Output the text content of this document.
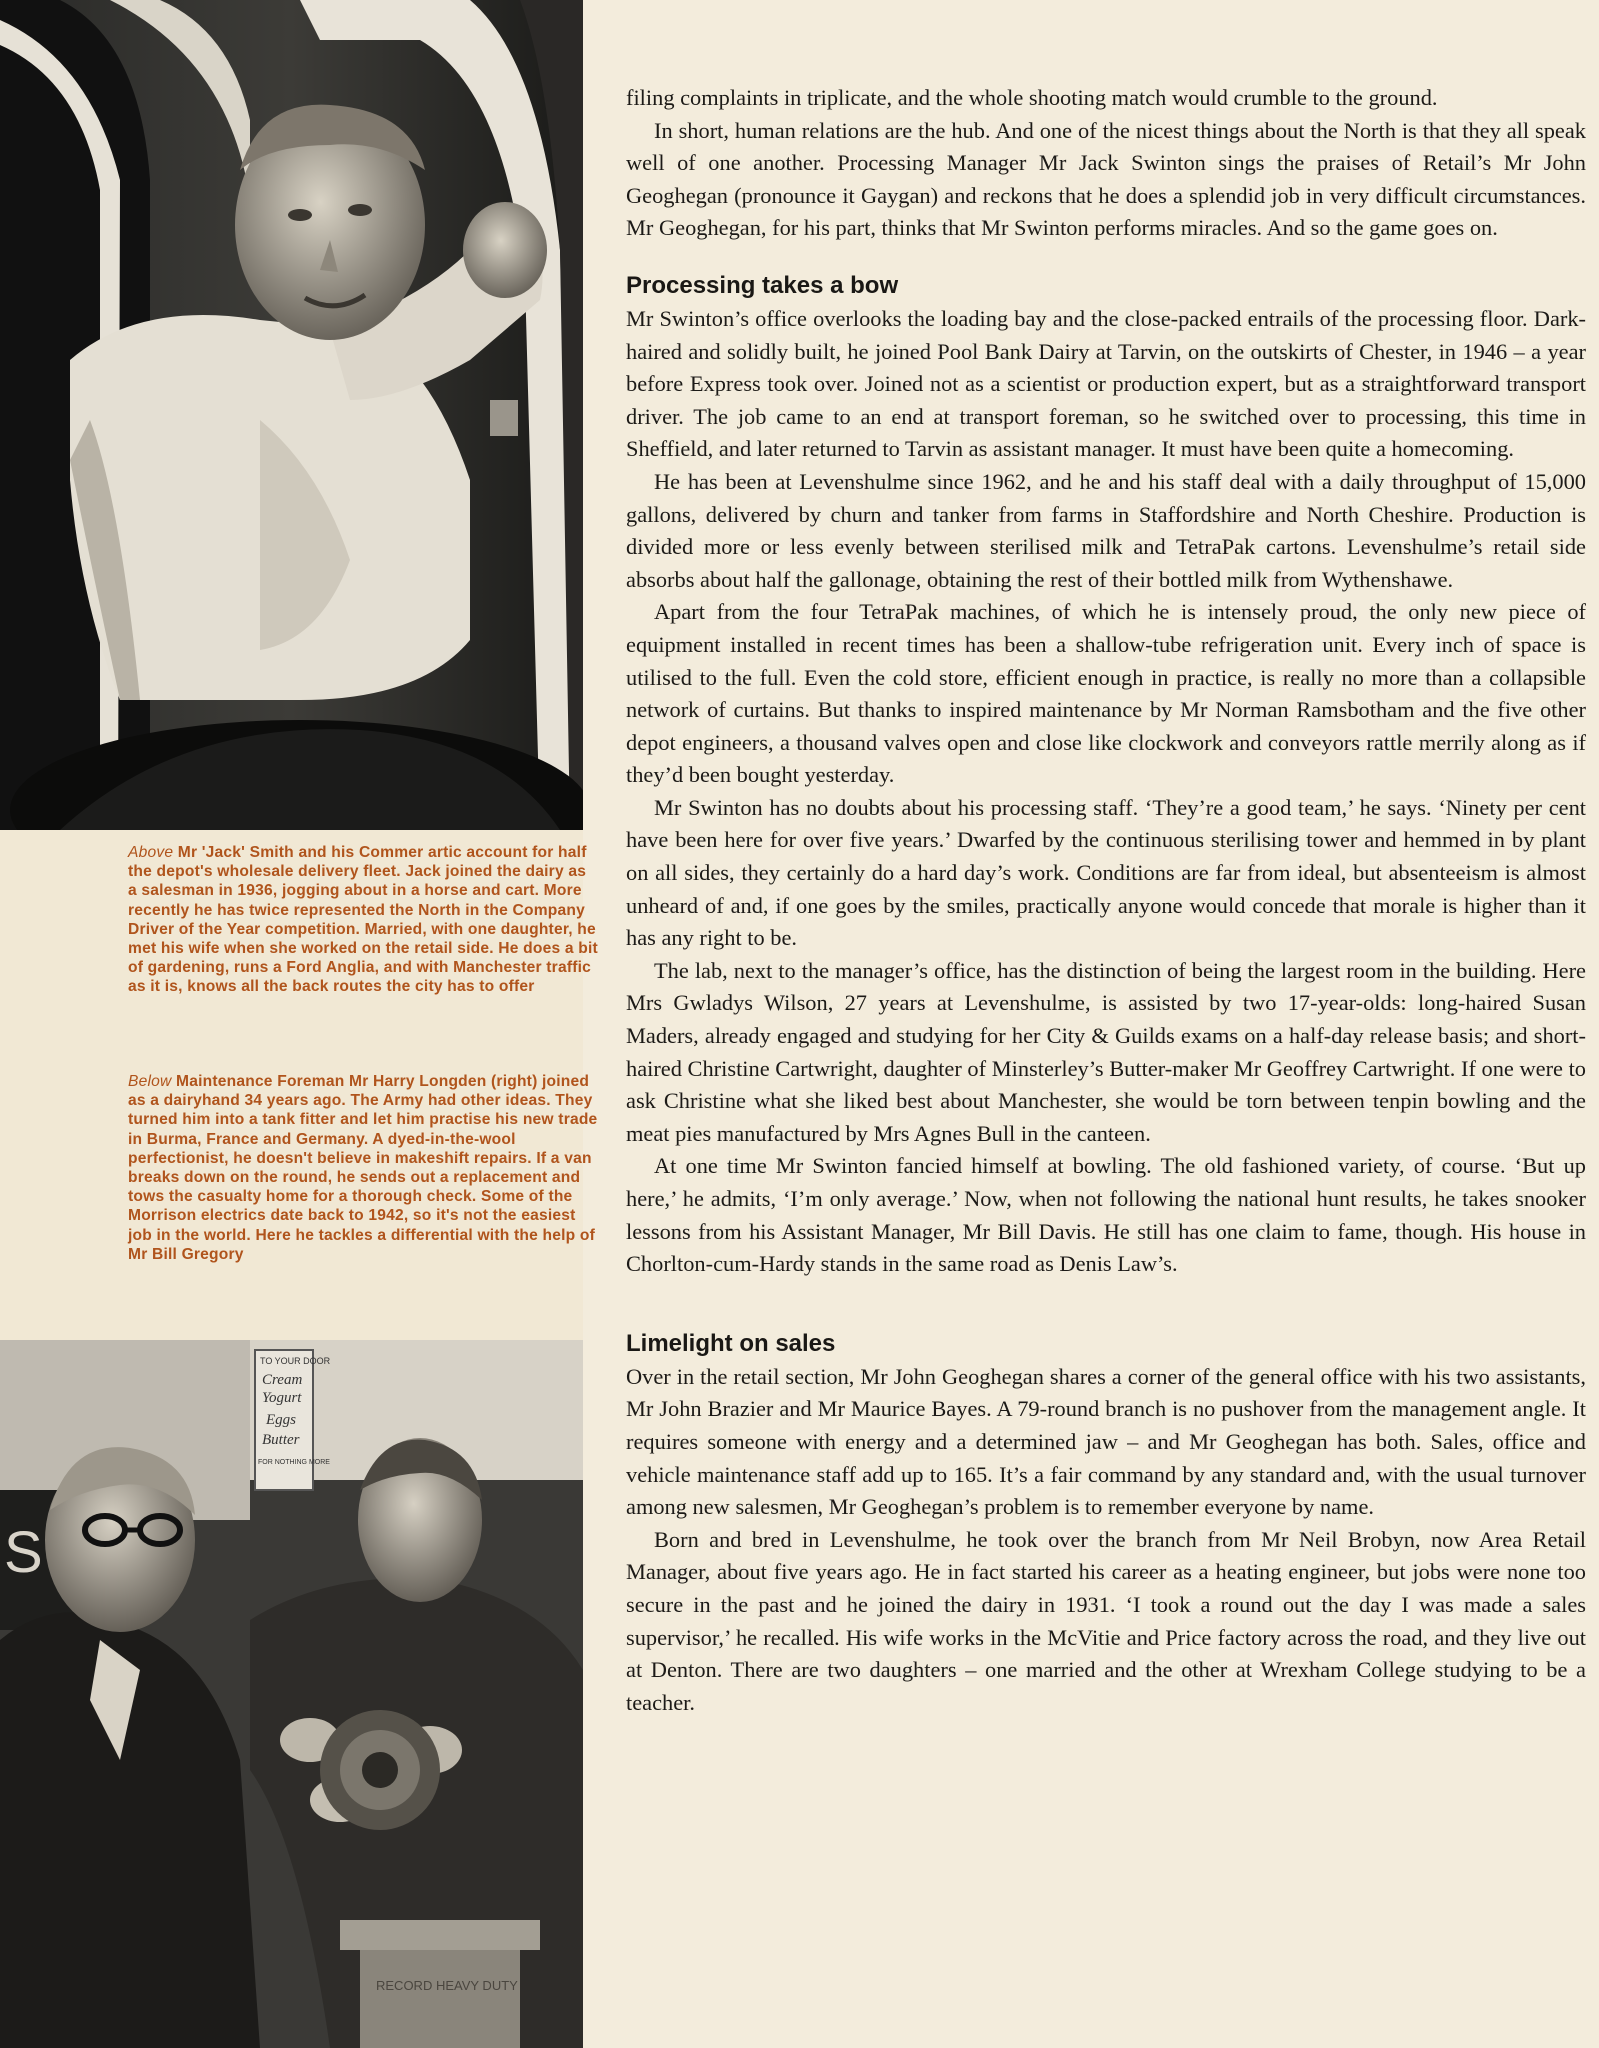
Above Mr 'Jack' Smith and his Commer artic account for half the depot's wholesale delivery fleet. Jack joined the dairy as a salesman in 1936, jogging about in a horse and cart. More recently he has twice represented the North in the Company Driver of the Year competition. Married, with one daughter, he met his wife when she worked on the retail side. He does a bit of gardening, runs a Ford Anglia, and with Manchester traffic as it is, knows all the back routes the city has to offer
Below Maintenance Foreman Mr Harry Longden (right) joined as a dairyhand 34 years ago. The Army had other ideas. They turned him into a tank fitter and let him practise his new trade in Burma, France and Germany. A dyed-in-the-wool perfectionist, he doesn't believe in makeshift repairs. If a van breaks down on the round, he sends out a replacement and tows the casualty home for a thorough check. Some of the Morrison electrics date back to 1942, so it's not the easiest job in the world. Here he tackles a differential with the help of Mr Bill Gregory
S
TO YOUR DOOR
Cream
Yogurt
Eggs
Butter
FOR NOTHING MORE
RECORD HEAVY DUTY

filing complaints in triplicate, and the whole shooting match would crumble to the ground.

In short, human relations are the hub. And one of the nicest things about the North is that they all speak well of one another. Processing Manager Mr Jack Swinton sings the praises of Retail’s Mr John Geoghegan (pronounce it Gaygan) and reckons that he does a splendid job in very difficult circumstances. Mr Geoghegan, for his part, thinks that Mr Swinton performs miracles. And so the game goes on.

Processing takes a bow

Mr Swinton’s office overlooks the loading bay and the close-packed entrails of the processing floor. Dark-haired and solidly built, he joined Pool Bank Dairy at Tarvin, on the outskirts of Chester, in 1946 – a year before Express took over. Joined not as a scientist or production expert, but as a straightforward transport driver. The job came to an end at transport foreman, so he switched over to processing, this time in Sheffield, and later returned to Tarvin as assistant manager. It must have been quite a homecoming.

He has been at Levenshulme since 1962, and he and his staff deal with a daily throughput of 15,000 gallons, delivered by churn and tanker from farms in Staffordshire and North Cheshire. Production is divided more or less evenly between sterilised milk and TetraPak cartons. Levenshulme’s retail side absorbs about half the gallonage, obtaining the rest of their bottled milk from Wythenshawe.

Apart from the four TetraPak machines, of which he is intensely proud, the only new piece of equipment installed in recent times has been a shallow-tube refrigeration unit. Every inch of space is utilised to the full. Even the cold store, efficient enough in practice, is really no more than a collapsible network of curtains. But thanks to inspired maintenance by Mr Norman Ramsbotham and the five other depot engineers, a thousand valves open and close like clockwork and conveyors rattle merrily along as if they’d been bought yesterday.

Mr Swinton has no doubts about his processing staff. ‘They’re a good team,’ he says. ‘Ninety per cent have been here for over five years.’ Dwarfed by the continuous sterilising tower and hemmed in by plant on all sides, they certainly do a hard day’s work. Conditions are far from ideal, but absenteeism is almost unheard of and, if one goes by the smiles, practically anyone would concede that morale is higher than it has any right to be.

The lab, next to the manager’s office, has the distinction of being the largest room in the building. Here Mrs Gwladys Wilson, 27 years at Levenshulme, is assisted by two 17-year-olds: long-haired Susan Maders, already engaged and studying for her City & Guilds exams on a half-day release basis; and short-haired Christine Cartwright, daughter of Minsterley’s Butter-maker Mr Geoffrey Cartwright. If one were to ask Christine what she liked best about Manchester, she would be torn between tenpin bowling and the meat pies manufactured by Mrs Agnes Bull in the canteen.

At one time Mr Swinton fancied himself at bowling. The old fashioned variety, of course. ‘But up here,’ he admits, ‘I’m only average.’ Now, when not following the national hunt results, he takes snooker lessons from his Assistant Manager, Mr Bill Davis. He still has one claim to fame, though. His house in Chorlton-cum-Hardy stands in the same road as Denis Law’s.

Limelight on sales

Over in the retail section, Mr John Geoghegan shares a corner of the general office with his two assistants, Mr John Brazier and Mr Maurice Bayes. A 79-round branch is no pushover from the management angle. It requires someone with energy and a determined jaw – and Mr Geoghegan has both. Sales, office and vehicle maintenance staff add up to 165. It’s a fair command by any standard and, with the usual turnover among new salesmen, Mr Geoghegan’s problem is to remember everyone by name.

Born and bred in Levenshulme, he took over the branch from Mr Neil Brobyn, now Area Retail Manager, about five years ago. He in fact started his career as a heating engineer, but jobs were none too secure in the past and he joined the dairy in 1931. ‘I took a round out the day I was made a sales supervisor,’ he recalled. His wife works in the McVitie and Price factory across the road, and they live out at Denton. There are two daughters – one married and the other at Wrexham College studying to be a teacher.
